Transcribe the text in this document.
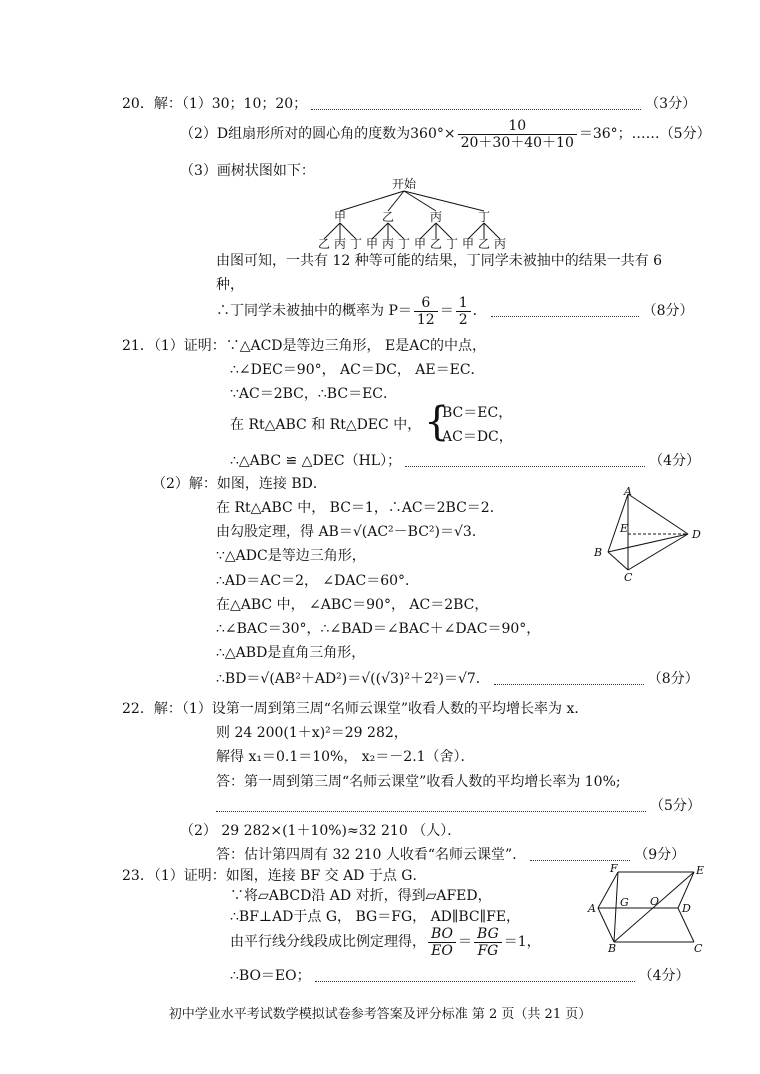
20．解：（1）30；10；20；	（3分）
（2）D组扇形所对的圆心角的度数为$360^\circ\times \frac{10}{20+30+40+10} =36^\circ$；……（5分）
（3）画树状图如下：
开始
甲	乙	丙	丁
乙 丙 丁 甲 丙 丁 甲 乙 丁 甲 乙 丙
由图可知，一共有 12 种等可能的结果，丁同学未被抽中的结果一共有 6
种，
∴丁同学未被抽中的概率为 $P= \frac{6}{12} = \frac{1}{2}$ ．	（8分）
21．（1）证明：∵△ACD是等边三角形， E是AC的中点，
∴∠DEC＝90°， AC＝DC， AE＝EC．
∵AC＝2BC，∴BC＝EC．
在 Rt△ABC 和 Rt△DEC 中， {
BC＝EC，
AC＝DC，
∴△ABC ≌ △DEC（HL）；	（4分）
（2）解：如图，连接 BD．
在 Rt△ABC 中， BC＝1，∴AC＝2BC＝2．
由勾股定理，得 AB＝√(AC²－BC²)＝√3．
∵△ADC是等边三角形，
∴AD＝AC＝2， ∠DAC＝60°．
在△ABC 中， ∠ABC＝90°， AC＝2BC，
∴∠BAC＝30°，∴∠BAD＝∠BAC＋∠DAC＝90°，
∴△ABD是直角三角形，
∴BD＝√(AB²＋AD²)＝√((√3)²＋2²)＝√7．	（8分）
A
E	D
B
C
22．解：（1）设第一周到第三周“名师云课堂”收看人数的平均增长率为 x．
则 24 200(1＋x)²＝29 282，
解得 x₁＝0.1＝10%， x₂＝－2.1（舍）．
答：第一周到第三周“名师云课堂”收看人数的平均增长率为 10%;
（5分）
（2） 29 282×(1＋10%)≈32 210 （人）．
答：估计第四周有 32 210 人收看“名师云课堂”．	（9分）
23．（1）证明：如图，连接 BF 交 AD 于点 G．
∵将▱ABCD沿 AD 对折，得到▱AFED，
∴BF⊥AD于点 G， BG＝FG， AD∥BC∥FE，
由平行线分线段成比例定理得， $\frac{BO}{EO} = \frac{BG}{FG} =1$，
∴BO＝EO；	（4分）
F	E
A G O
D
B	C
初中学业水平考试数学模拟试卷参考答案及评分标准 第 2 页（共 21 页）
